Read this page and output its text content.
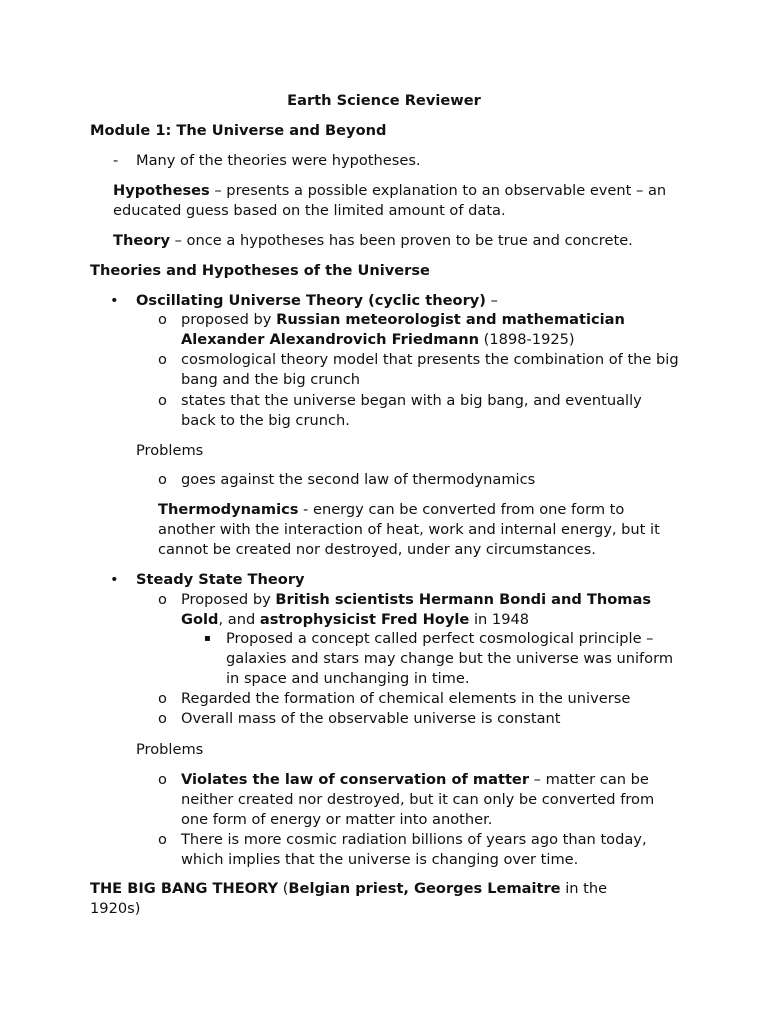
Earth Science Reviewer
Module 1: The Universe and Beyond
- Many of the theories were hypotheses.
Hypotheses – presents a possible explanation to an observable event – an educated guess based on the limited amount of data.
Theory – once a hypotheses has been proven to be true and concrete.
Theories and Hypotheses of the Universe
• Oscillating Universe Theory (cyclic theory) –
o proposed by Russian meteorologist and mathematician Alexander Alexandrovich Friedmann (1898-1925)
o cosmological theory model that presents the combination of the big bang and the big crunch
o states that the universe began with a big bang, and eventually back to the big crunch.
Problems
o goes against the second law of thermodynamics
Thermodynamics - energy can be converted from one form to another with the interaction of heat, work and internal energy, but it cannot be created nor destroyed, under any circumstances.
• Steady State Theory
o Proposed by British scientists Hermann Bondi and Thomas Gold, and astrophysicist Fred Hoyle in 1948
▪ Proposed a concept called perfect cosmological principle – galaxies and stars may change but the universe was uniform in space and unchanging in time.
o Regarded the formation of chemical elements in the universe
o Overall mass of the observable universe is constant
Problems
o Violates the law of conservation of matter – matter can be neither created nor destroyed, but it can only be converted from one form of energy or matter into another.
o There is more cosmic radiation billions of years ago than today, which implies that the universe is changing over time.
THE BIG BANG THEORY (Belgian priest, Georges Lemaitre in the 1920s)
